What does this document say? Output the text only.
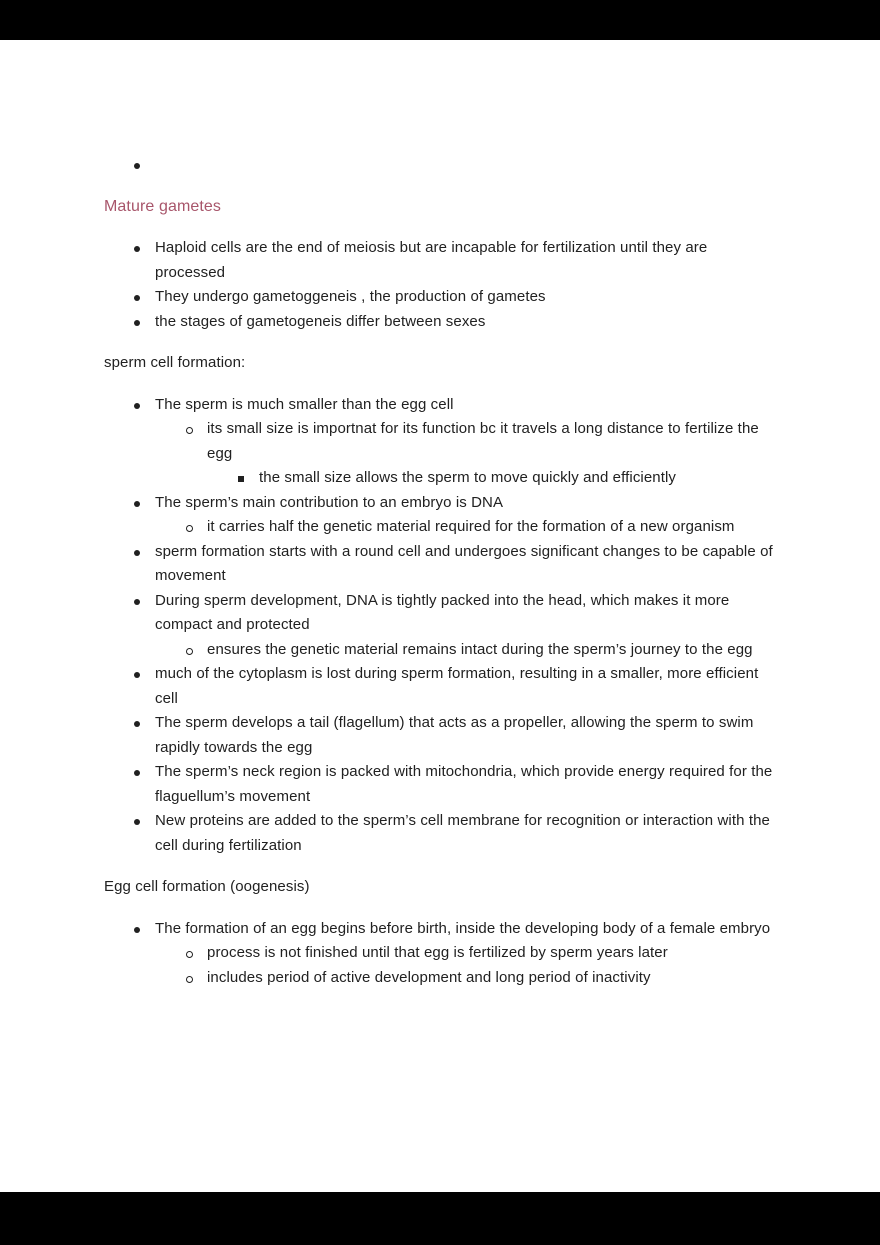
Mature gametes
Haploid cells are the end of meiosis but are incapable for fertilization until they are processed
They undergo gametoggeneis , the production of gametes
the stages of gametogeneis differ between sexes

sperm cell formation:

The sperm is much smaller than the egg cell
its small size is importnat for its function bc it travels a long distance to fertilize the egg
the small size allows the sperm to move quickly and efficiently
The sperm’s main contribution to an embryo is DNA
it carries half the genetic material required for the formation of a new organism
sperm formation starts with a round cell and undergoes significant changes to be capable of movement
During sperm development, DNA is tightly packed into the head, which makes it more compact and protected
ensures the genetic material remains intact during the sperm’s journey to the egg
much of the cytoplasm is lost during sperm formation, resulting in a smaller, more efficient cell
The sperm develops a tail (flagellum) that acts as a propeller, allowing the sperm to swim rapidly towards the egg
The sperm’s neck region is packed with mitochondria, which provide energy required for the flaguellum’s movement
New proteins are added to the sperm’s cell membrane for recognition or interaction with the cell during fertilization

Egg cell formation (oogenesis)

The formation of an egg begins before birth, inside the developing body of a female embryo
process is not finished until that egg is fertilized by sperm years later
includes period of active development and long period of inactivity
